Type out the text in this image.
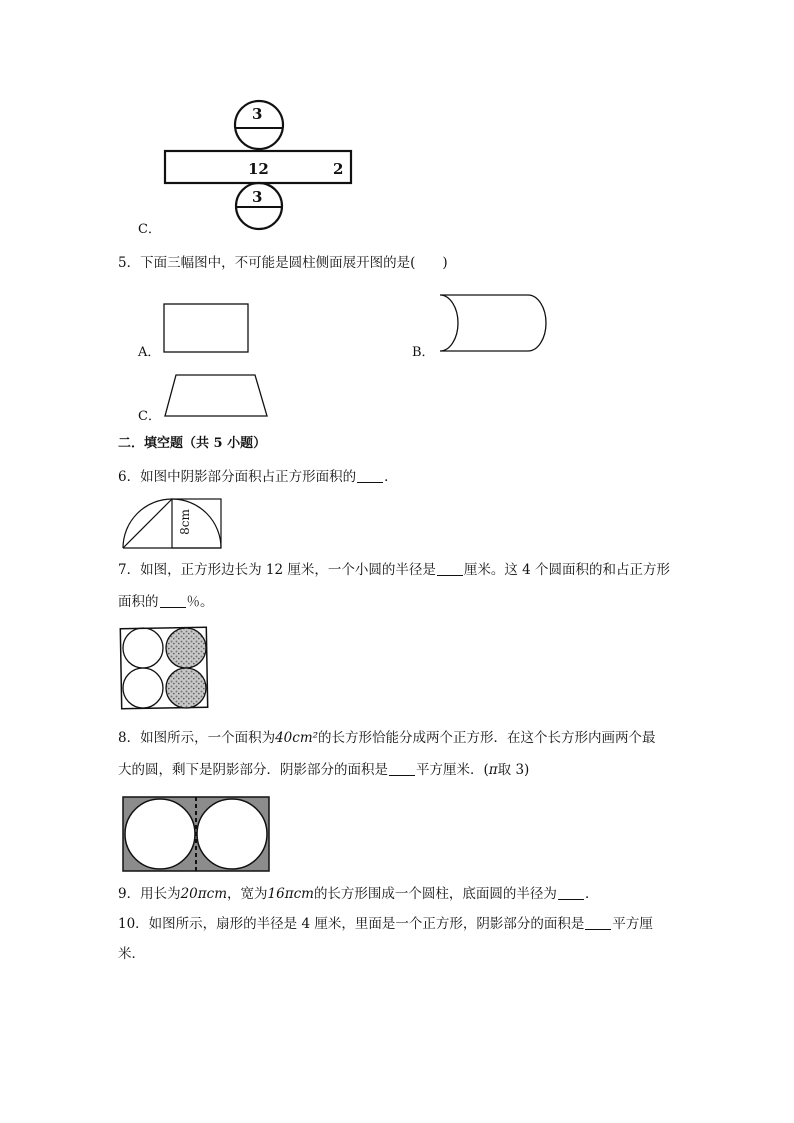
3
12	2
3
C．
5．下面三幅图中，不可能是圆柱侧面展开图的是(　　)
A．	B．
C．
二．填空题（共 5 小题）
6．如图中阴影部分面积占正方形面积的 ．
8cm
7．如图，正方形边长为 12 厘米，一个小圆的半径是 厘米。这 4 个圆面积的和占正方形
面积的 ％。
8．如图所示，一个面积为40cm²的长方形恰能分成两个正方形．在这个长方形内画两个最
大的圆，剩下是阴影部分．阴影部分的面积是 平方厘米．(π取 3)
9．用长为20πcm，宽为16πcm的长方形围成一个圆柱，底面圆的半径为 ．
10．如图所示，扇形的半径是 4 厘米，里面是一个正方形，阴影部分的面积是 平方厘
米．
